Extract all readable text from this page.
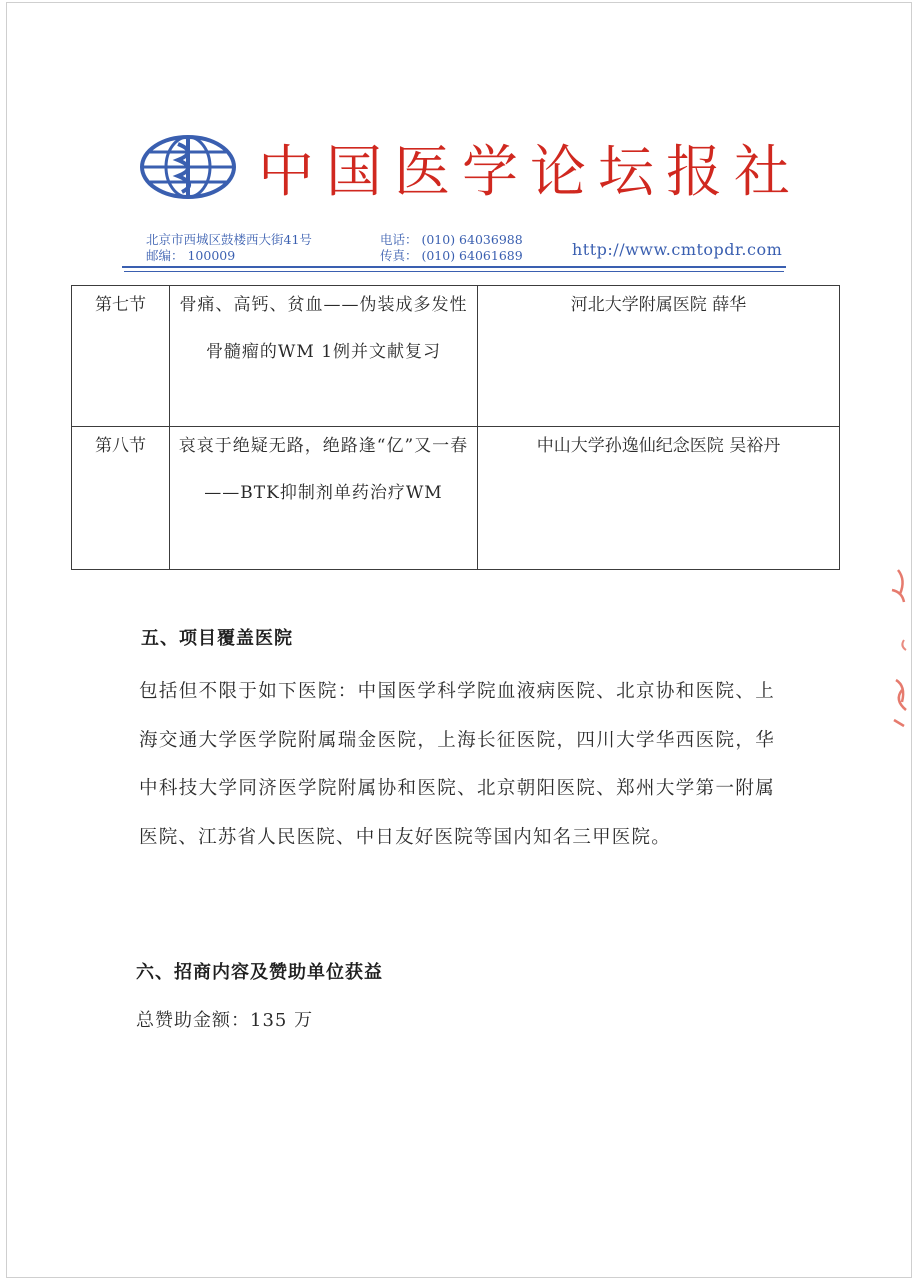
中国医学论坛报社
北京市西城区鼓楼西大街41号
邮编： 100009
电话： (010) 64036988
传真： (010) 64061689	http://www.cmtopdr.com
第七节	骨痛、高钙、贫血——伪装成多发性骨髓瘤的WM 1例并文献复习	河北大学附属医院 薛华

第八节	哀哀于绝疑无路，绝路逢“亿”又一春——BTK抑制剂单药治疗WM	中山大学孙逸仙纪念医院 吴裕丹
五、项目覆盖医院
包括但不限于如下医院：中国医学科学院血液病医院、北京协和医院、上海交通大学医学院附属瑞金医院，上海长征医院，四川大学华西医院，华中科技大学同济医学院附属协和医院、北京朝阳医院、郑州大学第一附属医院、江苏省人民医院、中日友好医院等国内知名三甲医院。
六、招商内容及赞助单位获益
总赞助金额：135 万
